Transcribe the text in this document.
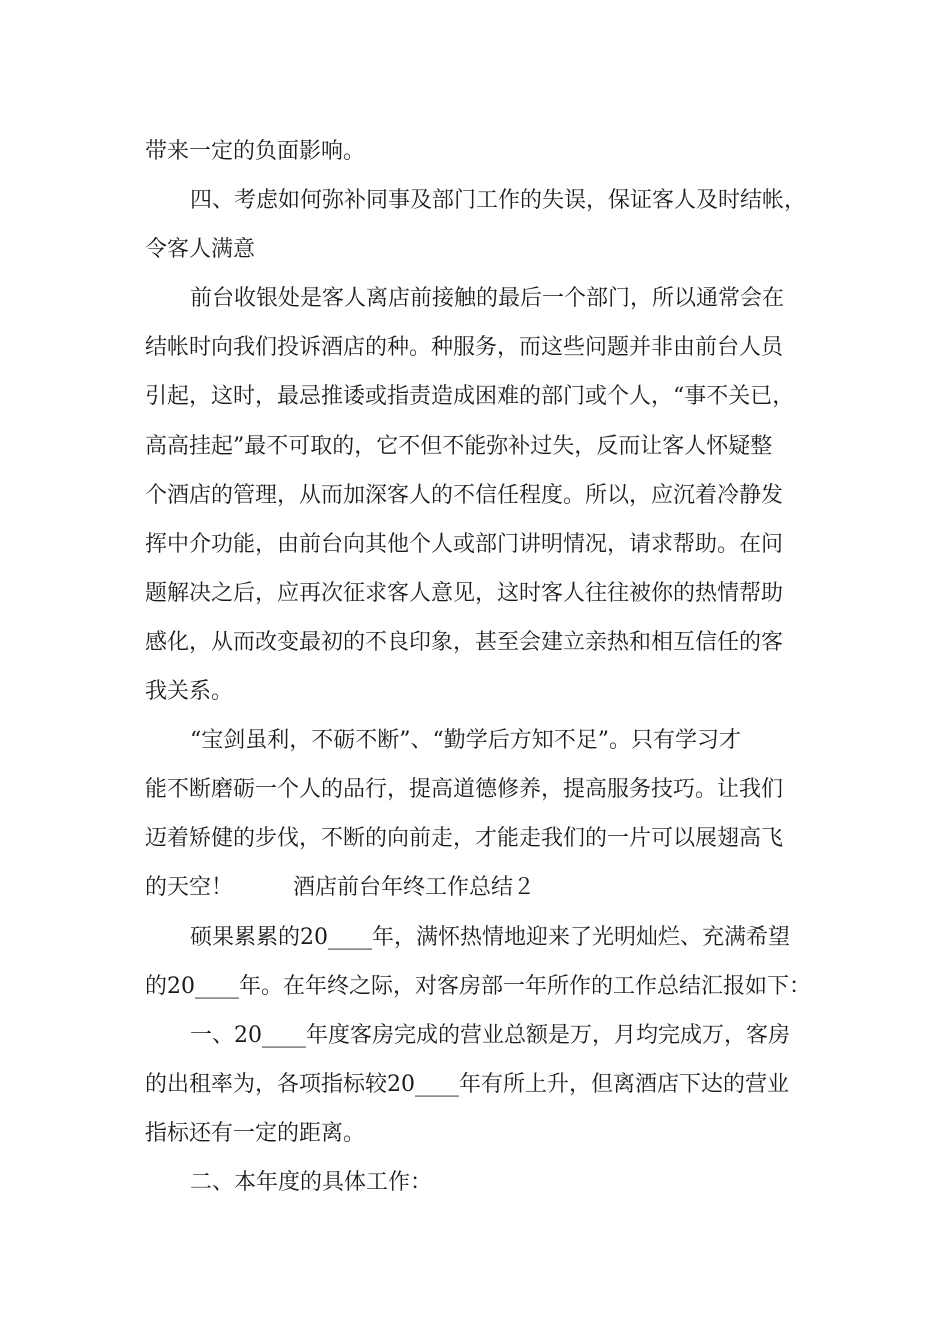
带来一定的负面影响。
四、考虑如何弥补同事及部门工作的失误，保证客人及时结帐，
令客人满意
前台收银处是客人离店前接触的最后一个部门，所以通常会在
结帐时向我们投诉酒店的种。种服务，而这些问题并非由前台人员
引起，这时，最忌推诿或指责造成困难的部门或个人，“事不关已，
高高挂起”最不可取的，它不但不能弥补过失，反而让客人怀疑整
个酒店的管理，从而加深客人的不信任程度。所以，应沉着冷静发
挥中介功能，由前台向其他个人或部门讲明情况，请求帮助。在问
题解决之后，应再次征求客人意见，这时客人往往被你的热情帮助
感化，从而改变最初的不良印象，甚至会建立亲热和相互信任的客
我关系。
“宝剑虽利，不砺不断”、“勤学后方知不足”。只有学习才
能不断磨砺一个人的品行，提高道德修养，提高服务技巧。让我们
迈着矫健的步伐，不断的向前走，才能走我们的一片可以展翅高飞
的天空！	酒店前台年终工作总结２
硕果累累的20____年，满怀热情地迎来了光明灿烂、充满希望
的20____年。在年终之际，对客房部一年所作的工作总结汇报如下：
一、20____年度客房完成的营业总额是万，月均完成万，客房
的出租率为，各项指标较20____年有所上升，但离酒店下达的营业
指标还有一定的距离。
二、本年度的具体工作：
